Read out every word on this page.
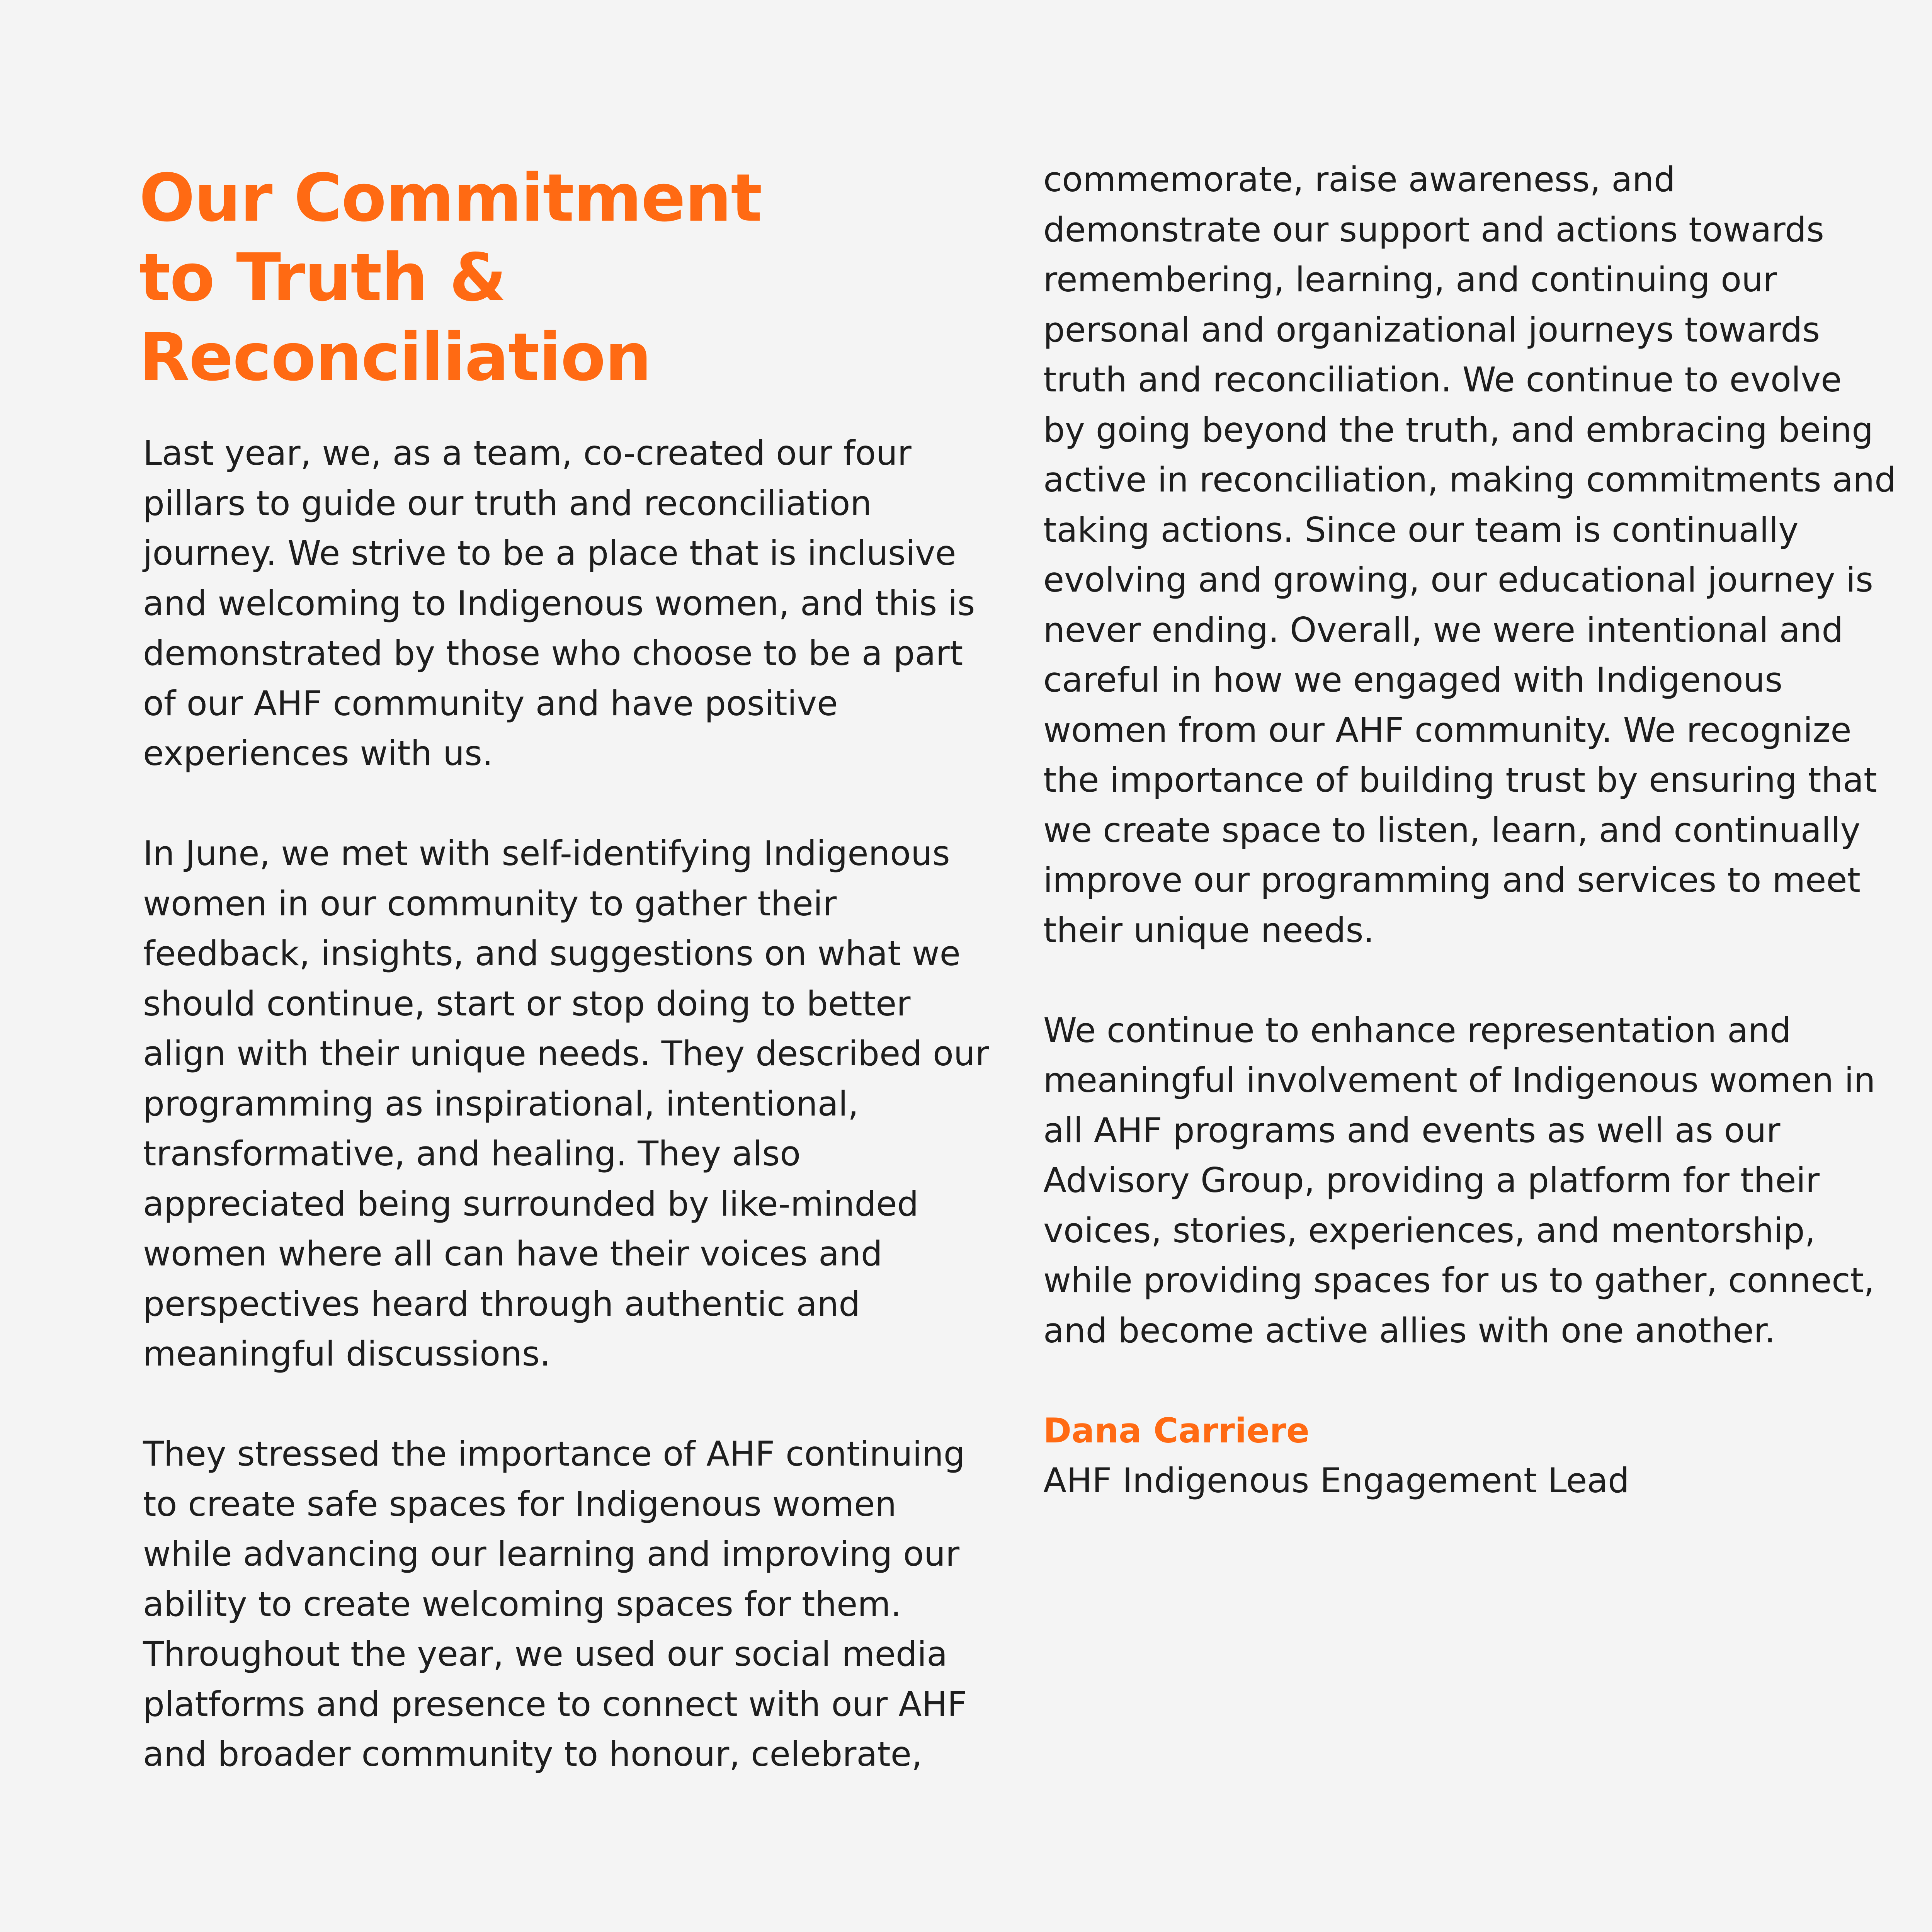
Our Commitment
to Truth &
Reconciliation

Last year, we, as a team, co-created our four
pillars to guide our truth and reconciliation
journey. We strive to be a place that is inclusive
and welcoming to Indigenous women, and this is
demonstrated by those who choose to be a part
of our AHF community and have positive
experiences with us.

In June, we met with self-identifying Indigenous
women in our community to gather their
feedback, insights, and suggestions on what we
should continue, start or stop doing to better
align with their unique needs. They described our
programming as inspirational, intentional,
transformative, and healing. They also
appreciated being surrounded by like-minded
women where all can have their voices and
perspectives heard through authentic and
meaningful discussions.

They stressed the importance of AHF continuing
to create safe spaces for Indigenous women
while advancing our learning and improving our
ability to create welcoming spaces for them.
Throughout the year, we used our social media
platforms and presence to connect with our AHF
and broader community to honour, celebrate,

commemorate, raise awareness, and
demonstrate our support and actions towards
remembering, learning, and continuing our
personal and organizational journeys towards
truth and reconciliation. We continue to evolve
by going beyond the truth, and embracing being
active in reconciliation, making commitments and
taking actions. Since our team is continually
evolving and growing, our educational journey is
never ending. Overall, we were intentional and
careful in how we engaged with Indigenous
women from our AHF community. We recognize
the importance of building trust by ensuring that
we create space to listen, learn, and continually
improve our programming and services to meet
their unique needs.

We continue to enhance representation and
meaningful involvement of Indigenous women in
all AHF programs and events as well as our
Advisory Group, providing a platform for their
voices, stories, experiences, and mentorship,
while providing spaces for us to gather, connect,
and become active allies with one another.

Dana Carriere
AHF Indigenous Engagement Lead
